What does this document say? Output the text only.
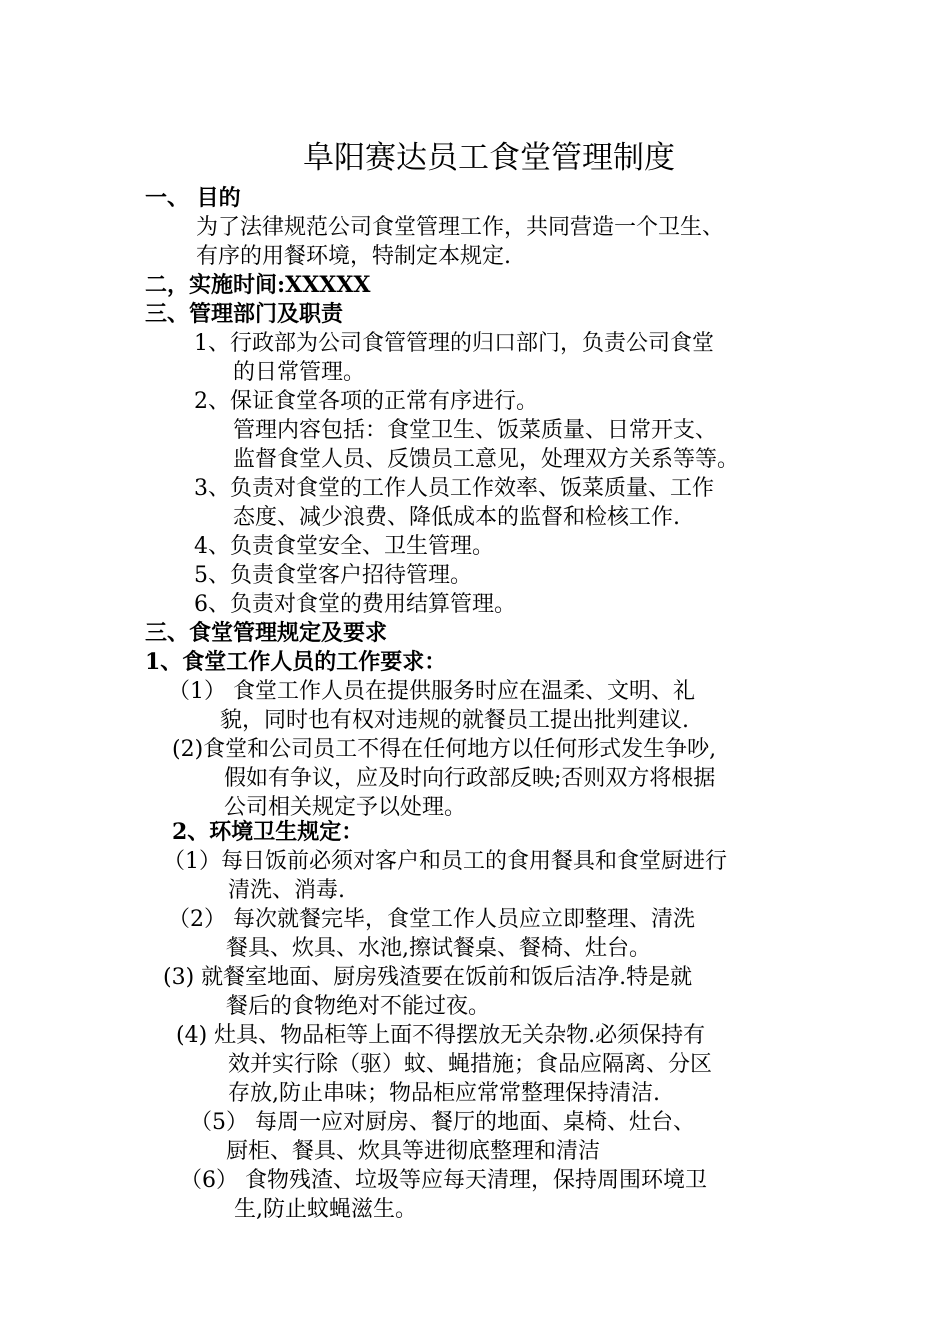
阜阳赛达员工食堂管理制度
一、 目的
为了法律规范公司食堂管理工作，共同营造一个卫生、
有序的用餐环境，特制定本规定.
二，实施时间:XXXXX
三、管理部门及职责
1、行政部为公司食管管理的归口部门，负责公司食堂
的日常管理。
2、保证食堂各项的正常有序进行。
管理内容包括：食堂卫生、饭菜质量、日常开支、
监督食堂人员、反馈员工意见，处理双方关系等等。
3、负责对食堂的工作人员工作效率、饭菜质量、工作
态度、减少浪费、降低成本的监督和检核工作.
4、负责食堂安全、卫生管理。
5、负责食堂客户招待管理。
6、负责对食堂的费用结算管理。
三、食堂管理规定及要求
1、食堂工作人员的工作要求：
（1） 食堂工作人员在提供服务时应在温柔、文明、礼
貌，同时也有权对违规的就餐员工提出批判建议.
(2)食堂和公司员工不得在任何地方以任何形式发生争吵,
假如有争议，应及时向行政部反映;否则双方将根据
公司相关规定予以处理。
2、环境卫生规定：
（1）每日饭前必须对客户和员工的食用餐具和食堂厨进行
清洗、消毒.
（2） 每次就餐完毕，食堂工作人员应立即整理、清洗
餐具、炊具、水池,擦试餐桌、餐椅、灶台。
(3) 就餐室地面、厨房残渣要在饭前和饭后洁净.特是就
餐后的食物绝对不能过夜。
(4) 灶具、物品柜等上面不得摆放无关杂物.必须保持有
效并实行除（驱）蚊、蝇措施；食品应隔离、分区
存放,防止串味；物品柜应常常整理保持清洁.
（5） 每周一应对厨房、餐厅的地面、桌椅、灶台、
厨柜、餐具、炊具等进彻底整理和清洁
（6） 食物残渣、垃圾等应每天清理，保持周围环境卫
生,防止蚊蝇滋生。
